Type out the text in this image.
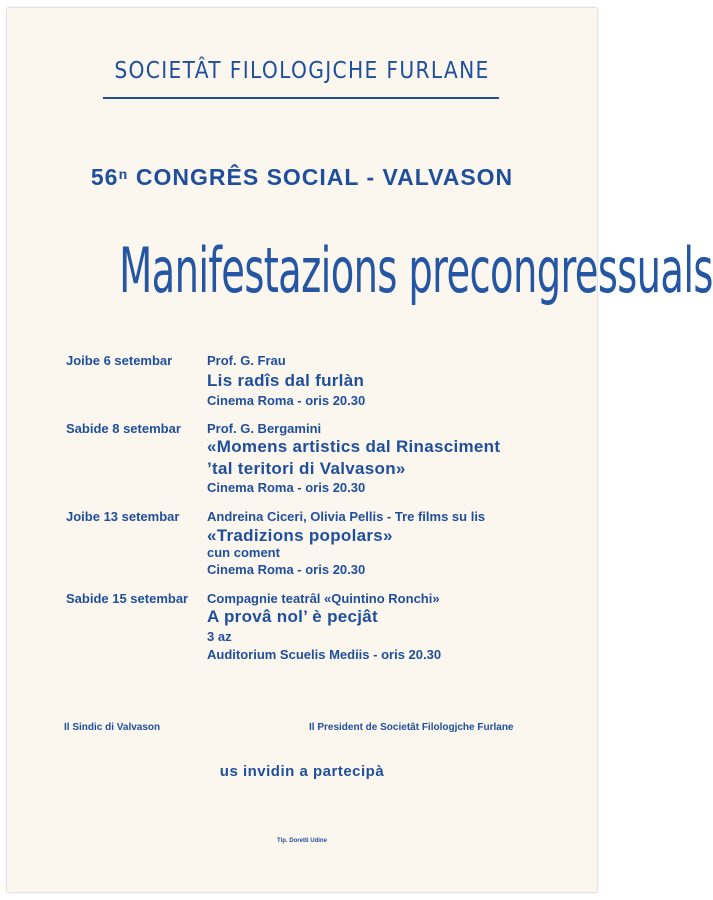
SOCIETÂT FILOLOGJCHE FURLANE
56ⁿ CONGRÊS SOCIAL - VALVASON
Manifestazions precongressuals
Joibe 6 setembar	Prof. G. Frau
Lis radîs dal furlàn
Cinema Roma - oris 20.30
Sabide 8 setembar Prof. G. Bergamini
«Momens artistics dal Rinasciment
’tal teritori di Valvason»
Cinema Roma - oris 20.30
Joibe 13 setembar Andreina Ciceri, Olivia Pellis - Tre films su lis
«Tradizions popolars»
cun coment
Cinema Roma - oris 20.30
Sabide 15 setembar Compagnie teatrâl «Quintino Ronchi»
A provâ nol’ è pecjât
3 az
Auditorium Scuelis Mediis - oris 20.30
Il Sindic di Valvason	Il President de Societât Filologjche Furlane
us invidin a partecipà
Tip. Doretti Udine
